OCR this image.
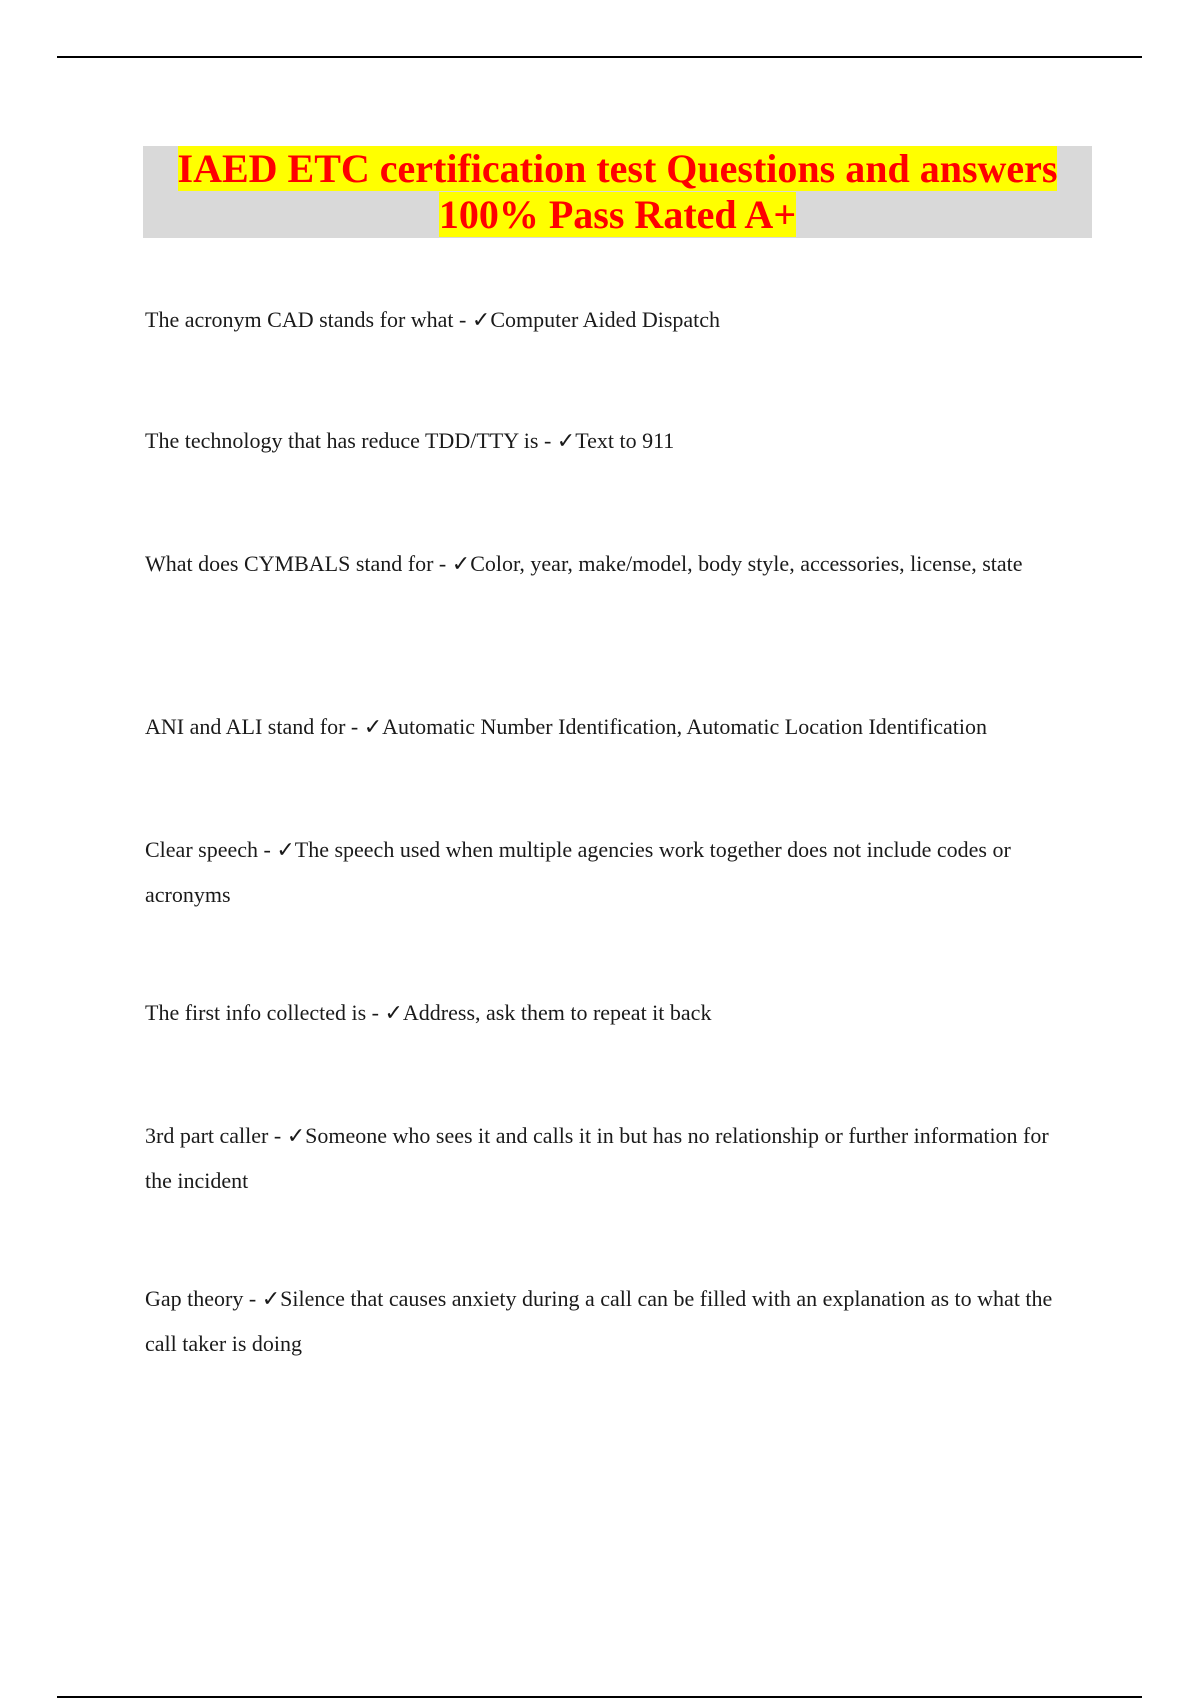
IAED ETC certification test Questions and answers
100% Pass Rated A+
The acronym CAD stands for what - ✓Computer Aided Dispatch
The technology that has reduce TDD/TTY is - ✓Text to 911
What does CYMBALS stand for - ✓Color, year, make/model, body style, accessories, license, state
ANI and ALI stand for - ✓Automatic Number Identification, Automatic Location Identification
Clear speech - ✓The speech used when multiple agencies work together does not include codes or acronyms
The first info collected is - ✓Address, ask them to repeat it back
3rd part caller - ✓Someone who sees it and calls it in but has no relationship or further information for the incident
Gap theory - ✓Silence that causes anxiety during a call can be filled with an explanation as to what the call taker is doing
